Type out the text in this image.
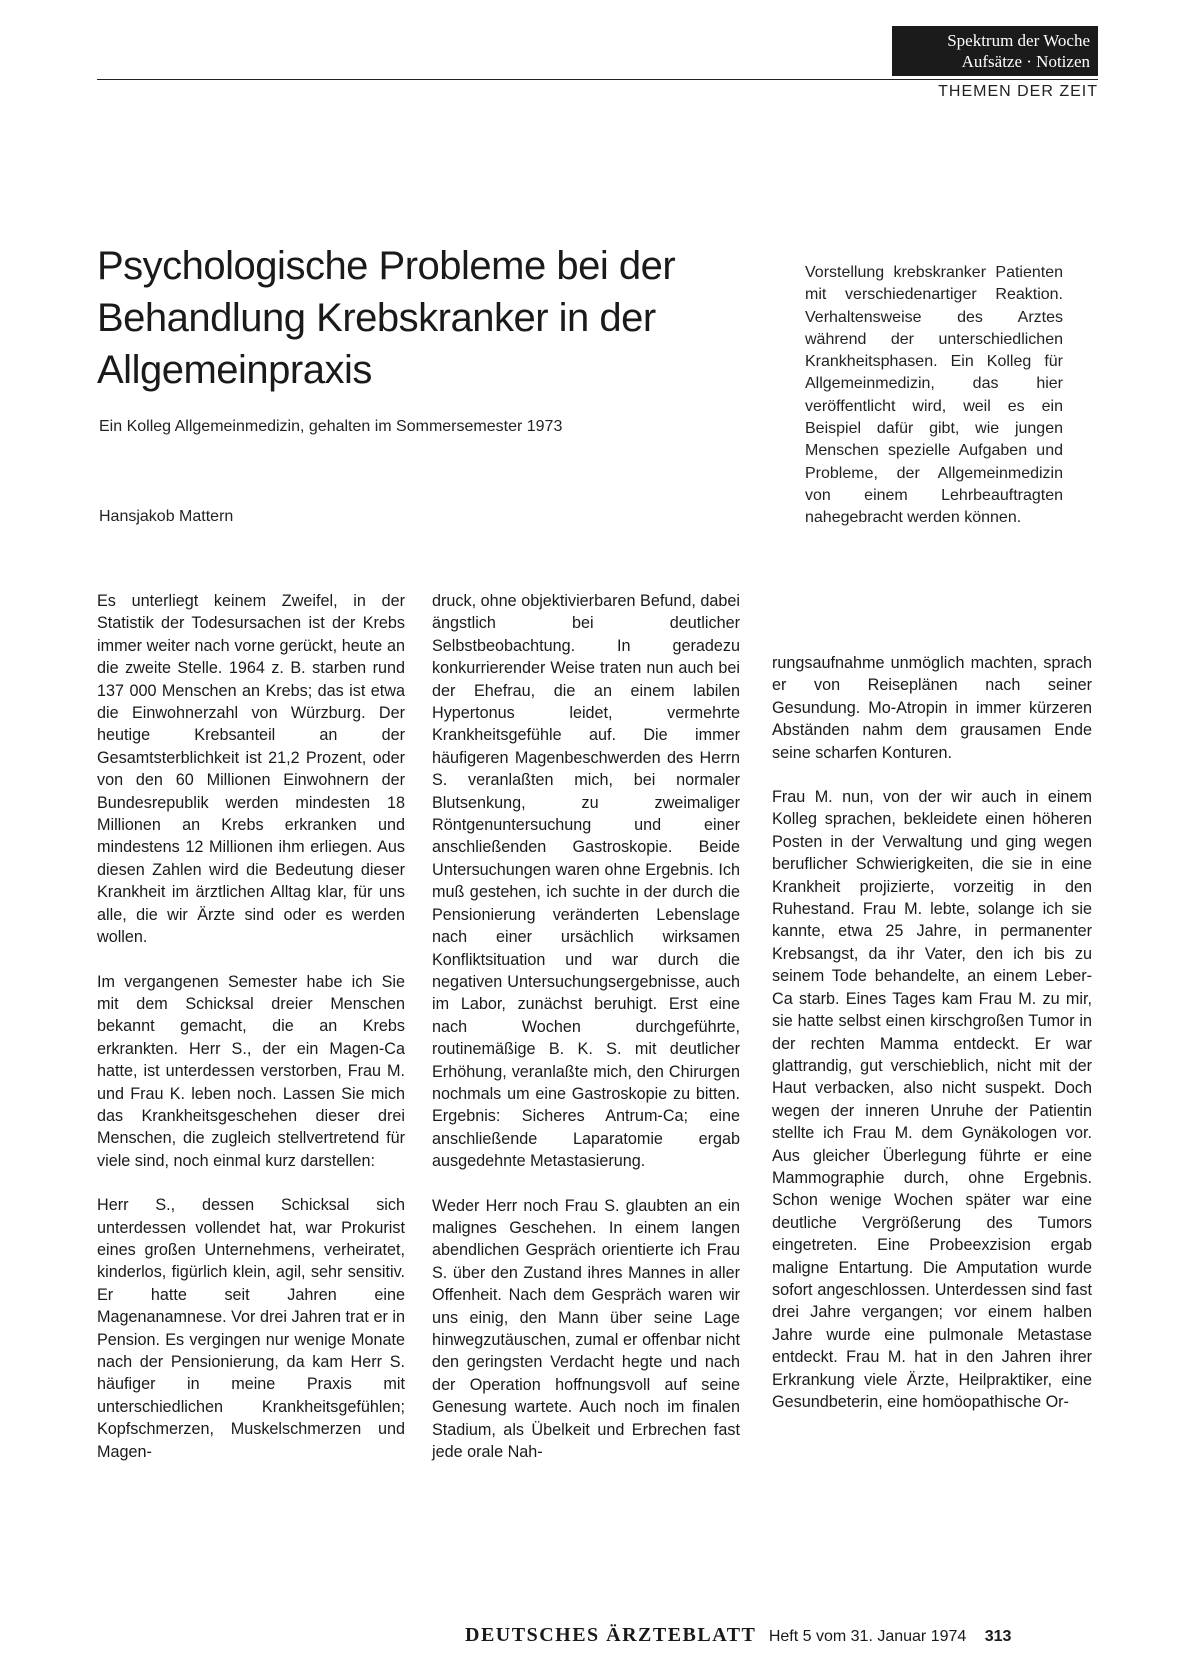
Spektrum der Woche
Aufsätze · Notizen
THEMEN DER ZEIT
Psychologische Probleme bei der Behandlung Krebskranker in der Allgemeinpraxis
Ein Kolleg Allgemeinmedizin, gehalten im Sommersemester 1973
Hansjakob Mattern
Vorstellung krebskranker Patienten mit verschiedenartiger Reaktion. Verhaltensweise des Arztes während der unterschiedlichen Krankheitsphasen. Ein Kolleg für Allgemeinmedizin, das hier veröffentlicht wird, weil es ein Beispiel dafür gibt, wie jungen Menschen spezielle Aufgaben und Probleme, der Allgemeinmedizin von einem Lehrbeauftragten nahegebracht werden können.

Es unterliegt keinem Zweifel, in der Statistik der Todesursachen ist der Krebs immer weiter nach vorne gerückt, heute an die zweite Stelle. 1964 z. B. starben rund 137 000 Menschen an Krebs; das ist etwa die Einwohnerzahl von Würzburg. Der heutige Krebsanteil an der Gesamtsterblichkeit ist 21,2 Prozent, oder von den 60 Millionen Einwohnern der Bundesrepublik werden mindesten 18 Millionen an Krebs erkranken und mindestens 12 Millionen ihm erliegen. Aus diesen Zahlen wird die Bedeutung dieser Krankheit im ärztlichen Alltag klar, für uns alle, die wir Ärzte sind oder es werden wollen.

Im vergangenen Semester habe ich Sie mit dem Schicksal dreier Menschen bekannt gemacht, die an Krebs erkrankten. Herr S., der ein Magen-Ca hatte, ist unterdessen verstorben, Frau M. und Frau K. leben noch. Lassen Sie mich das Krankheitsgeschehen dieser drei Menschen, die zugleich stellvertretend für viele sind, noch einmal kurz darstellen:

Herr S., dessen Schicksal sich unterdessen vollendet hat, war Prokurist eines großen Unternehmens, verheiratet, kinderlos, figürlich klein, agil, sehr sensitiv. Er hatte seit Jahren eine Magenanamnese. Vor drei Jahren trat er in Pension. Es vergingen nur wenige Monate nach der Pensionierung, da kam Herr S. häufiger in meine Praxis mit unterschiedlichen Krankheitsgefühlen; Kopfschmerzen, Muskelschmerzen und Magen-

druck, ohne objektivierbaren Befund, dabei ängstlich bei deutlicher Selbstbeobachtung. In geradezu konkurrierender Weise traten nun auch bei der Ehefrau, die an einem labilen Hypertonus leidet, vermehrte Krankheitsgefühle auf. Die immer häufigeren Magenbeschwerden des Herrn S. veranlaßten mich, bei normaler Blutsenkung, zu zweimaliger Röntgenuntersuchung und einer anschließenden Gastroskopie. Beide Untersuchungen waren ohne Ergebnis. Ich muß gestehen, ich suchte in der durch die Pensionierung veränderten Lebenslage nach einer ursächlich wirksamen Konfliktsituation und war durch die negativen Untersuchungsergebnisse, auch im Labor, zunächst beruhigt. Erst eine nach Wochen durchgeführte, routinemäßige B. K. S. mit deutlicher Erhöhung, veranlaßte mich, den Chirurgen nochmals um eine Gastroskopie zu bitten. Ergebnis: Sicheres Antrum-Ca; eine anschließende Laparatomie ergab ausgedehnte Metastasierung.

Weder Herr noch Frau S. glaubten an ein malignes Geschehen. In einem langen abendlichen Gespräch orientierte ich Frau S. über den Zustand ihres Mannes in aller Offenheit. Nach dem Gespräch waren wir uns einig, den Mann über seine Lage hinwegzutäuschen, zumal er offenbar nicht den geringsten Verdacht hegte und nach der Operation hoffnungsvoll auf seine Genesung wartete. Auch noch im finalen Stadium, als Übelkeit und Erbrechen fast jede orale Nah-

rungsaufnahme unmöglich machten, sprach er von Reiseplänen nach seiner Gesundung. Mo-Atropin in immer kürzeren Abständen nahm dem grausamen Ende seine scharfen Konturen.

Frau M. nun, von der wir auch in einem Kolleg sprachen, bekleidete einen höheren Posten in der Verwaltung und ging wegen beruflicher Schwierigkeiten, die sie in eine Krankheit projizierte, vorzeitig in den Ruhestand. Frau M. lebte, solange ich sie kannte, etwa 25 Jahre, in permanenter Krebsangst, da ihr Vater, den ich bis zu seinem Tode behandelte, an einem Leber-Ca starb. Eines Tages kam Frau M. zu mir, sie hatte selbst einen kirschgroßen Tumor in der rechten Mamma entdeckt. Er war glattrandig, gut verschieblich, nicht mit der Haut verbacken, also nicht suspekt. Doch wegen der inneren Unruhe der Patientin stellte ich Frau M. dem Gynäkologen vor. Aus gleicher Überlegung führte er eine Mammographie durch, ohne Ergebnis. Schon wenige Wochen später war eine deutliche Vergrößerung des Tumors eingetreten. Eine Probeexzision ergab maligne Entartung. Die Amputation wurde sofort angeschlossen. Unterdessen sind fast drei Jahre vergangen; vor einem halben Jahre wurde eine pulmonale Metastase entdeckt. Frau M. hat in den Jahren ihrer Erkrankung viele Ärzte, Heilpraktiker, eine Gesundbeterin, eine homöopathische Or-

DEUTSCHES ÄRZTEBLATT Heft 5 vom 31. Januar 1974 313
